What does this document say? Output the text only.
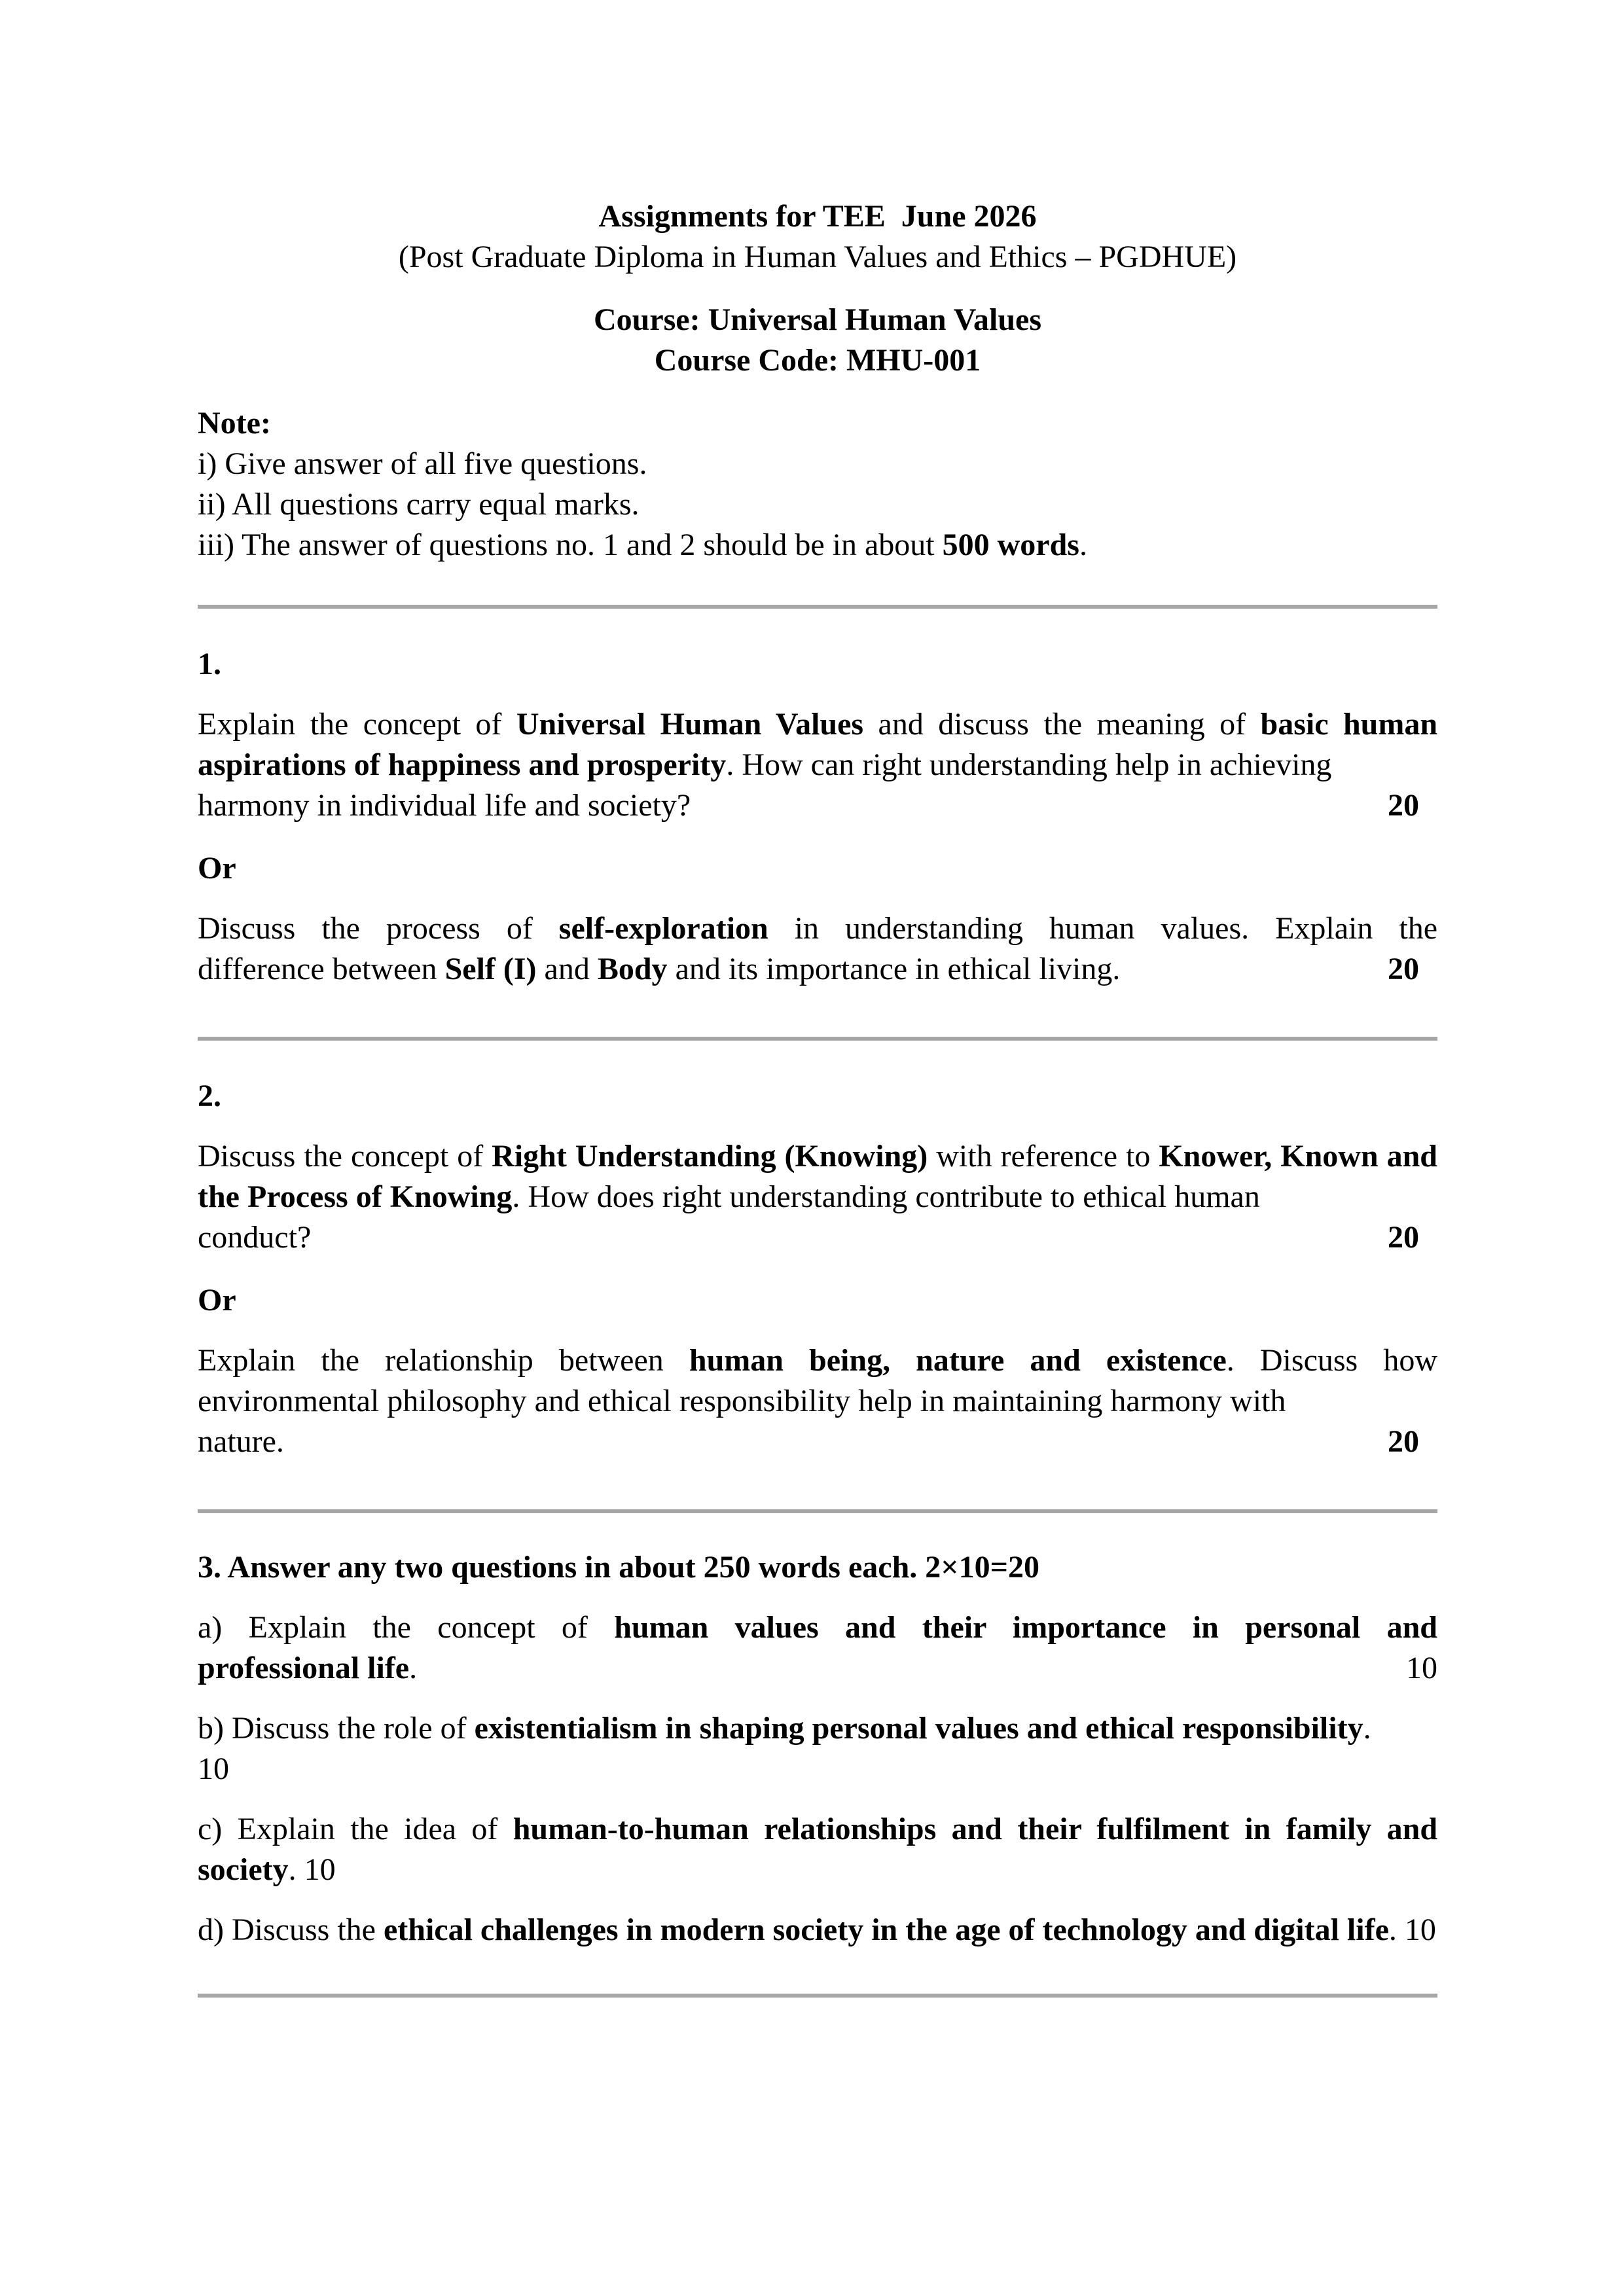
Assignments for TEE  June 2026
(Post Graduate Diploma in Human Values and Ethics – PGDHUE)
Course: Universal Human Values
Course Code: MHU-001
Note:
i) Give answer of all five questions.
ii) All questions carry equal marks.
iii) The answer of questions no. 1 and 2 should be in about 500 words.
1.
Explain the concept of Universal Human Values and discuss the meaning of basic human aspirations of happiness and prosperity. How can right understanding help in achieving
harmony in individual life and society?	20
Or
Discuss the process of self-exploration in understanding human values. Explain the
difference between Self (I) and Body and its importance in ethical living.	20
2.
Discuss the concept of Right Understanding (Knowing) with reference to Knower, Known and the Process of Knowing. How does right understanding contribute to ethical human
conduct?	20
Or
Explain the relationship between human being, nature and existence. Discuss how environmental philosophy and ethical responsibility help in maintaining harmony with
nature.	20
3. Answer any two questions in about 250 words each. 2×10=20

a) Explain the concept of human values and their importance in personal and

professional life.	10

b) Discuss the role of existentialism in shaping personal values and ethical responsibility.

10

c) Explain the idea of human-to-human relationships and their fulfilment in family and society. 10

d) Discuss the ethical challenges in modern society in the age of technology and digital life. 10
